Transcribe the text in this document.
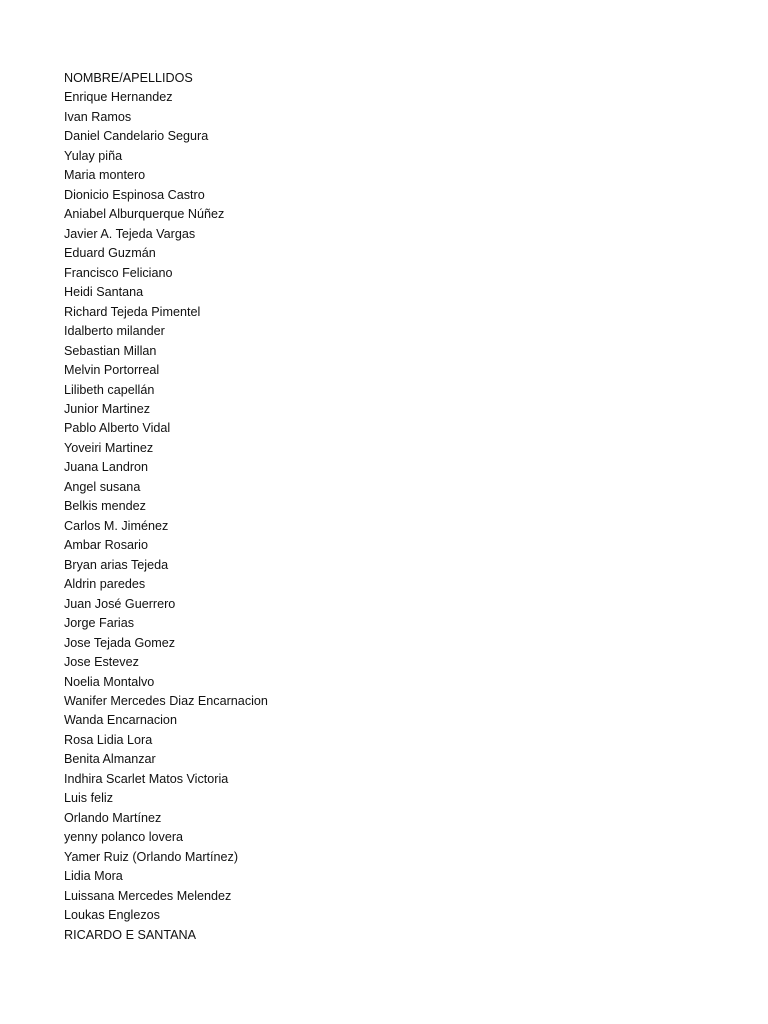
NOMBRE/APELLIDOS
Enrique Hernandez
Ivan Ramos
Daniel Candelario Segura
Yulay piña
Maria montero
Dionicio Espinosa Castro
Aniabel Alburquerque Núñez
Javier A. Tejeda Vargas
Eduard Guzmán
Francisco Feliciano
Heidi Santana
Richard Tejeda Pimentel
Idalberto milander
Sebastian Millan
Melvin Portorreal
Lilibeth capellán
Junior Martinez
Pablo Alberto Vidal
Yoveiri Martinez
Juana Landron
Angel susana
Belkis mendez
Carlos M. Jiménez
Ambar Rosario
Bryan arias Tejeda
Aldrin paredes
Juan José Guerrero
Jorge Farias
Jose Tejada Gomez
Jose Estevez
Noelia Montalvo
Wanifer Mercedes Diaz Encarnacion
Wanda Encarnacion
Rosa Lidia Lora
Benita Almanzar
Indhira Scarlet Matos Victoria
Luis feliz
Orlando Martínez
yenny polanco lovera
Yamer Ruiz (Orlando Martínez)
Lidia Mora
Luissana Mercedes Melendez
Loukas Englezos
RICARDO E SANTANA
